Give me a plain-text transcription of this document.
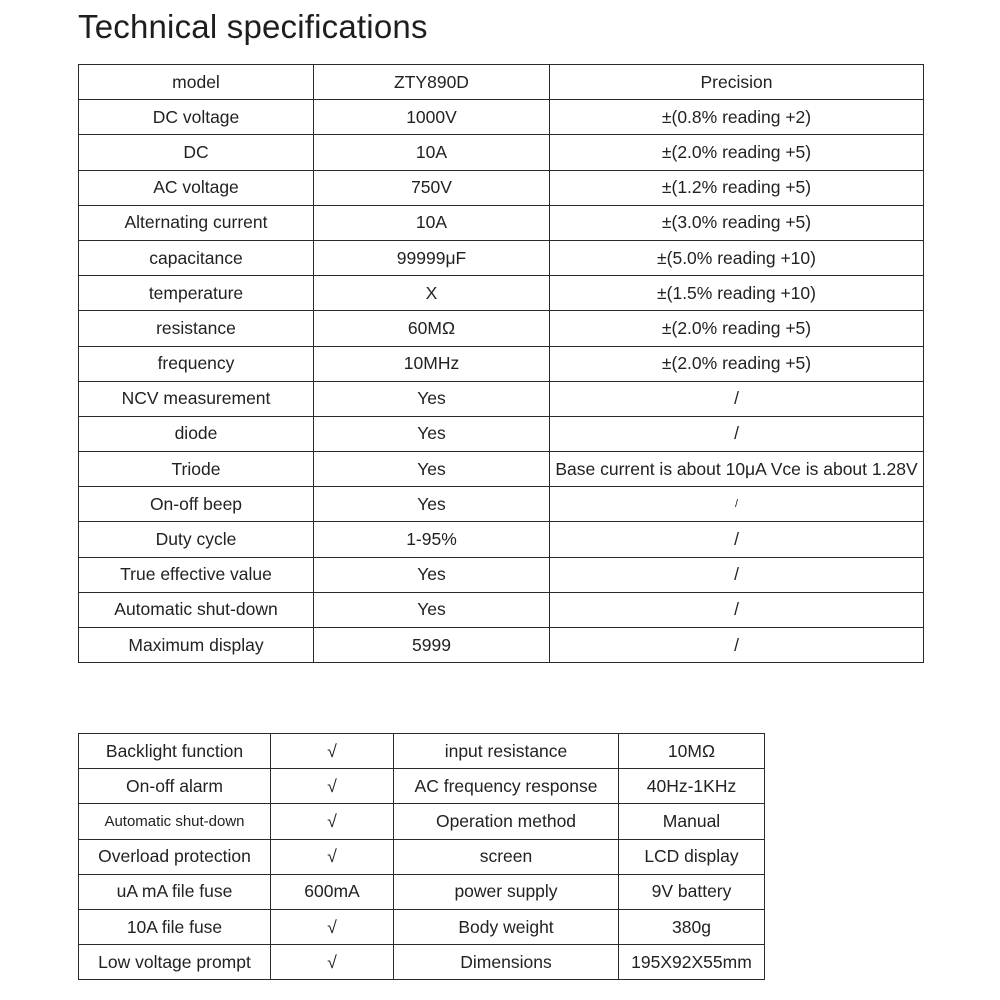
Technical specifications
model	ZTY890D	Precision
DC voltage	1000V	±(0.8% reading +2)
DC	10A	±(2.0% reading +5)
AC voltage	750V	±(1.2% reading +5)
Alternating current	10A	±(3.0% reading +5)
capacitance	99999μF	±(5.0% reading +10)
temperature	X	±(1.5% reading +10)
resistance	60MΩ	±(2.0% reading +5)
frequency	10MHz	±(2.0% reading +5)
NCV measurement	Yes	/
diode	Yes	/
Triode	Yes	Base current is about 10μA Vce is about 1.28V
On-off beep	Yes	/
Duty cycle	1-95%	/
True effective value	Yes	/
Automatic shut-down	Yes	/
Maximum display	5999	/
Backlight function	√	input resistance	10MΩ
On-off alarm	√	AC frequency response	40Hz-1KHz
Automatic shut-down	√	Operation method	Manual
Overload protection	√	screen	LCD display
uA mA file fuse	600mA	power supply	9V battery
10A file fuse	√	Body weight	380g
Low voltage prompt	√	Dimensions	195X92X55mm
